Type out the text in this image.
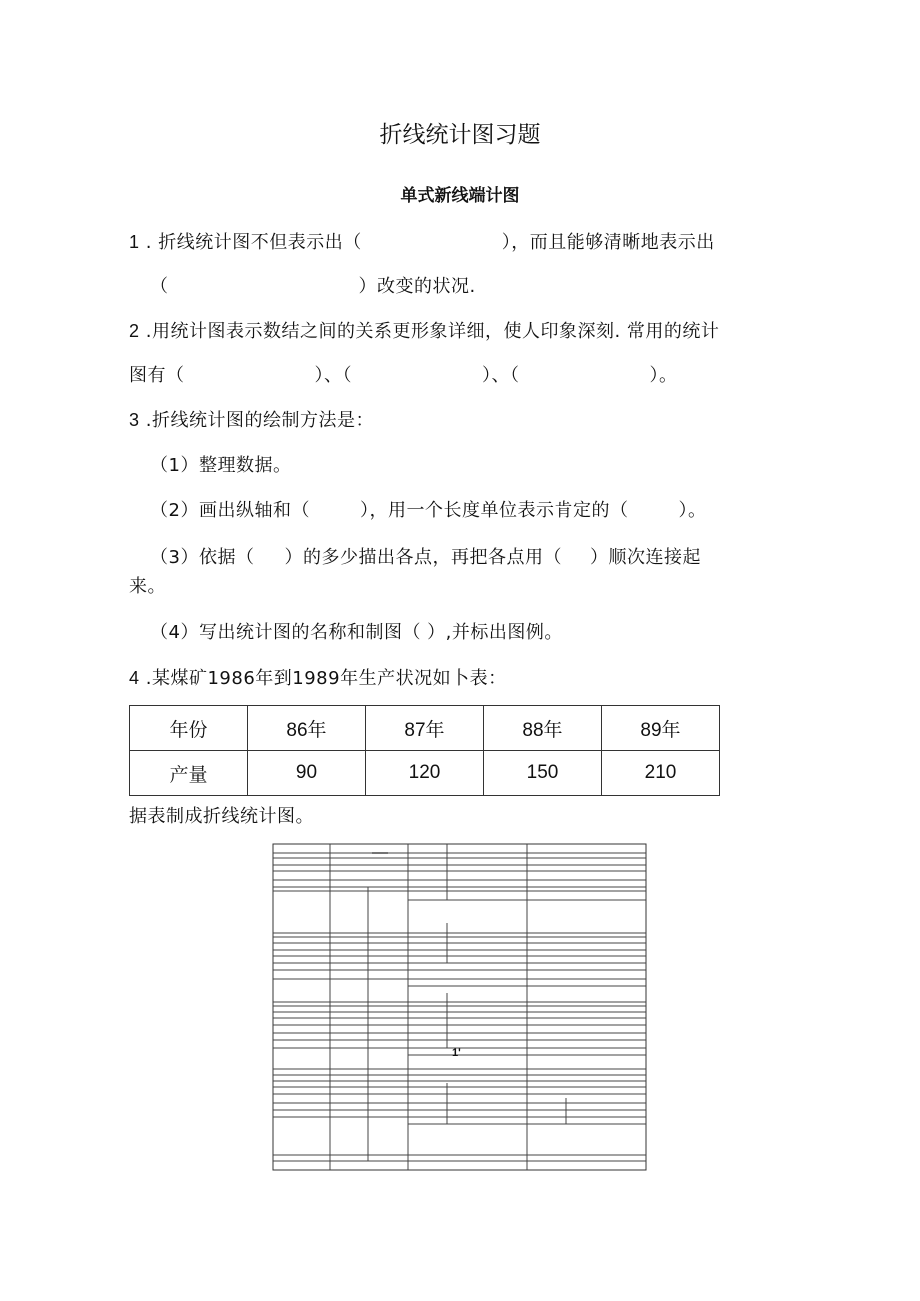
折线统计图习题
单式新线端计图
1 . 折线统计图不但表示出（	），而且能够清晰地表示出
（	）改变的状况.
2 .用统计图表示数结之间的关系更形象详细，使人印象深刻. 常用的统计
图有（	）、（	）、（	）。
3 .折线统计图的绘制方法是：
（1）整理数据。
（2）画出纵轴和（	），用一个长度单位表示肯定的（	）。
（3）依据（ ）的多少描出各点，再把各点用（ ）顺次连接起
来。
（4）写出统计图的名称和制图（ ）,并标出图例。
4 .某煤矿1986年到1989年生产状况如卜表：
年份	86年	87年	88年	89年
产量	90	120	150	210
据表制成折线统计图。
1'
